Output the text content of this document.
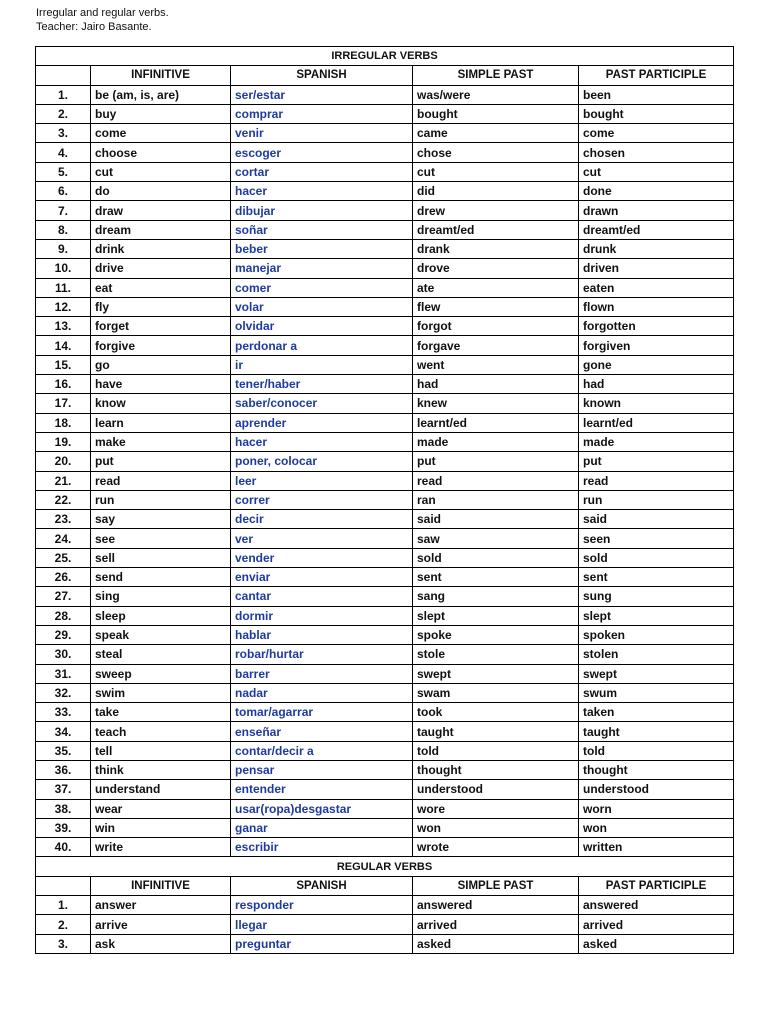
Irregular and regular verbs.
Teacher: Jairo Basante.
IRREGULAR VERBS				
	INFINITIVE	SPANISH	SIMPLE PAST	PAST PARTICIPLE
1.	be (am, is, are)	ser/estar	was/were	been
2.	buy	comprar	bought	bought
3.	come	venir	came	come
4.	choose	escoger	chose	chosen
5.	cut	cortar	cut	cut
6.	do	hacer	did	done
7.	draw	dibujar	drew	drawn
8.	dream	soñar	dreamt/ed	dreamt/ed
9.	drink	beber	drank	drunk
10.	drive	manejar	drove	driven
11.	eat	comer	ate	eaten
12.	fly	volar	flew	flown
13.	forget	olvidar	forgot	forgotten
14.	forgive	perdonar a	forgave	forgiven
15.	go	ir	went	gone
16.	have	tener/haber	had	had
17.	know	saber/conocer	knew	known
18.	learn	aprender	learnt/ed	learnt/ed
19.	make	hacer	made	made
20.	put	poner, colocar	put	put
21.	read	leer	read	read
22.	run	correr	ran	run
23.	say	decir	said	said
24.	see	ver	saw	seen
25.	sell	vender	sold	sold
26.	send	enviar	sent	sent
27.	sing	cantar	sang	sung
28.	sleep	dormir	slept	slept
29.	speak	hablar	spoke	spoken
30.	steal	robar/hurtar	stole	stolen
31.	sweep	barrer	swept	swept
32.	swim	nadar	swam	swum
33.	take	tomar/agarrar	took	taken
34.	teach	enseñar	taught	taught
35.	tell	contar/decir a	told	told
36.	think	pensar	thought	thought
37.	understand	entender	understood	understood
38.	wear	usar(ropa)desgastar	wore	worn
39.	win	ganar	won	won
40.	write	escribir	wrote	written
REGULAR VERBS				
	INFINITIVE	SPANISH	SIMPLE PAST	PAST PARTICIPLE
1.	answer	responder	answered	answered
2.	arrive	llegar	arrived	arrived
3.	ask	preguntar	asked	asked
